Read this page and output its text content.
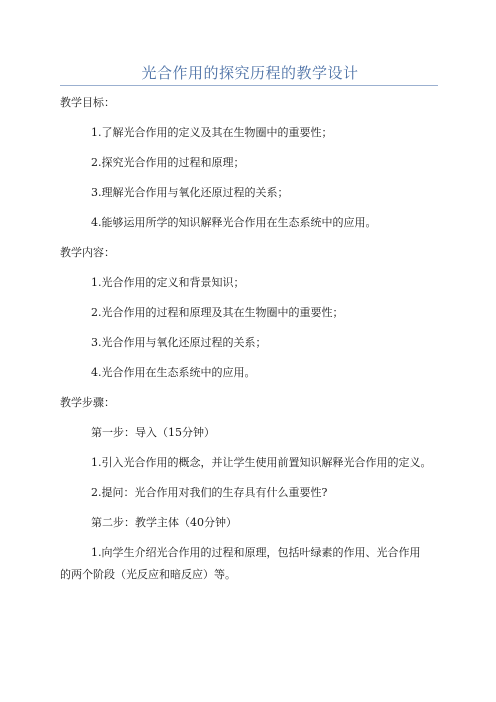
光合作用的探究历程的教学设计
教学目标：
1.了解光合作用的定义及其在生物圈中的重要性；
2.探究光合作用的过程和原理；
3.理解光合作用与氧化还原过程的关系；
4.能够运用所学的知识解释光合作用在生态系统中的应用。
教学内容：
1.光合作用的定义和背景知识；
2.光合作用的过程和原理及其在生物圈中的重要性；
3.光合作用与氧化还原过程的关系；
4.光合作用在生态系统中的应用。
教学步骤：
第一步：导入（15分钟）
1.引入光合作用的概念，并让学生使用前置知识解释光合作用的定义。
2.提问：光合作用对我们的生存具有什么重要性?
第二步：教学主体（40分钟）
1.向学生介绍光合作用的过程和原理，包括叶绿素的作用、光合作用
的两个阶段（光反应和暗反应）等。
